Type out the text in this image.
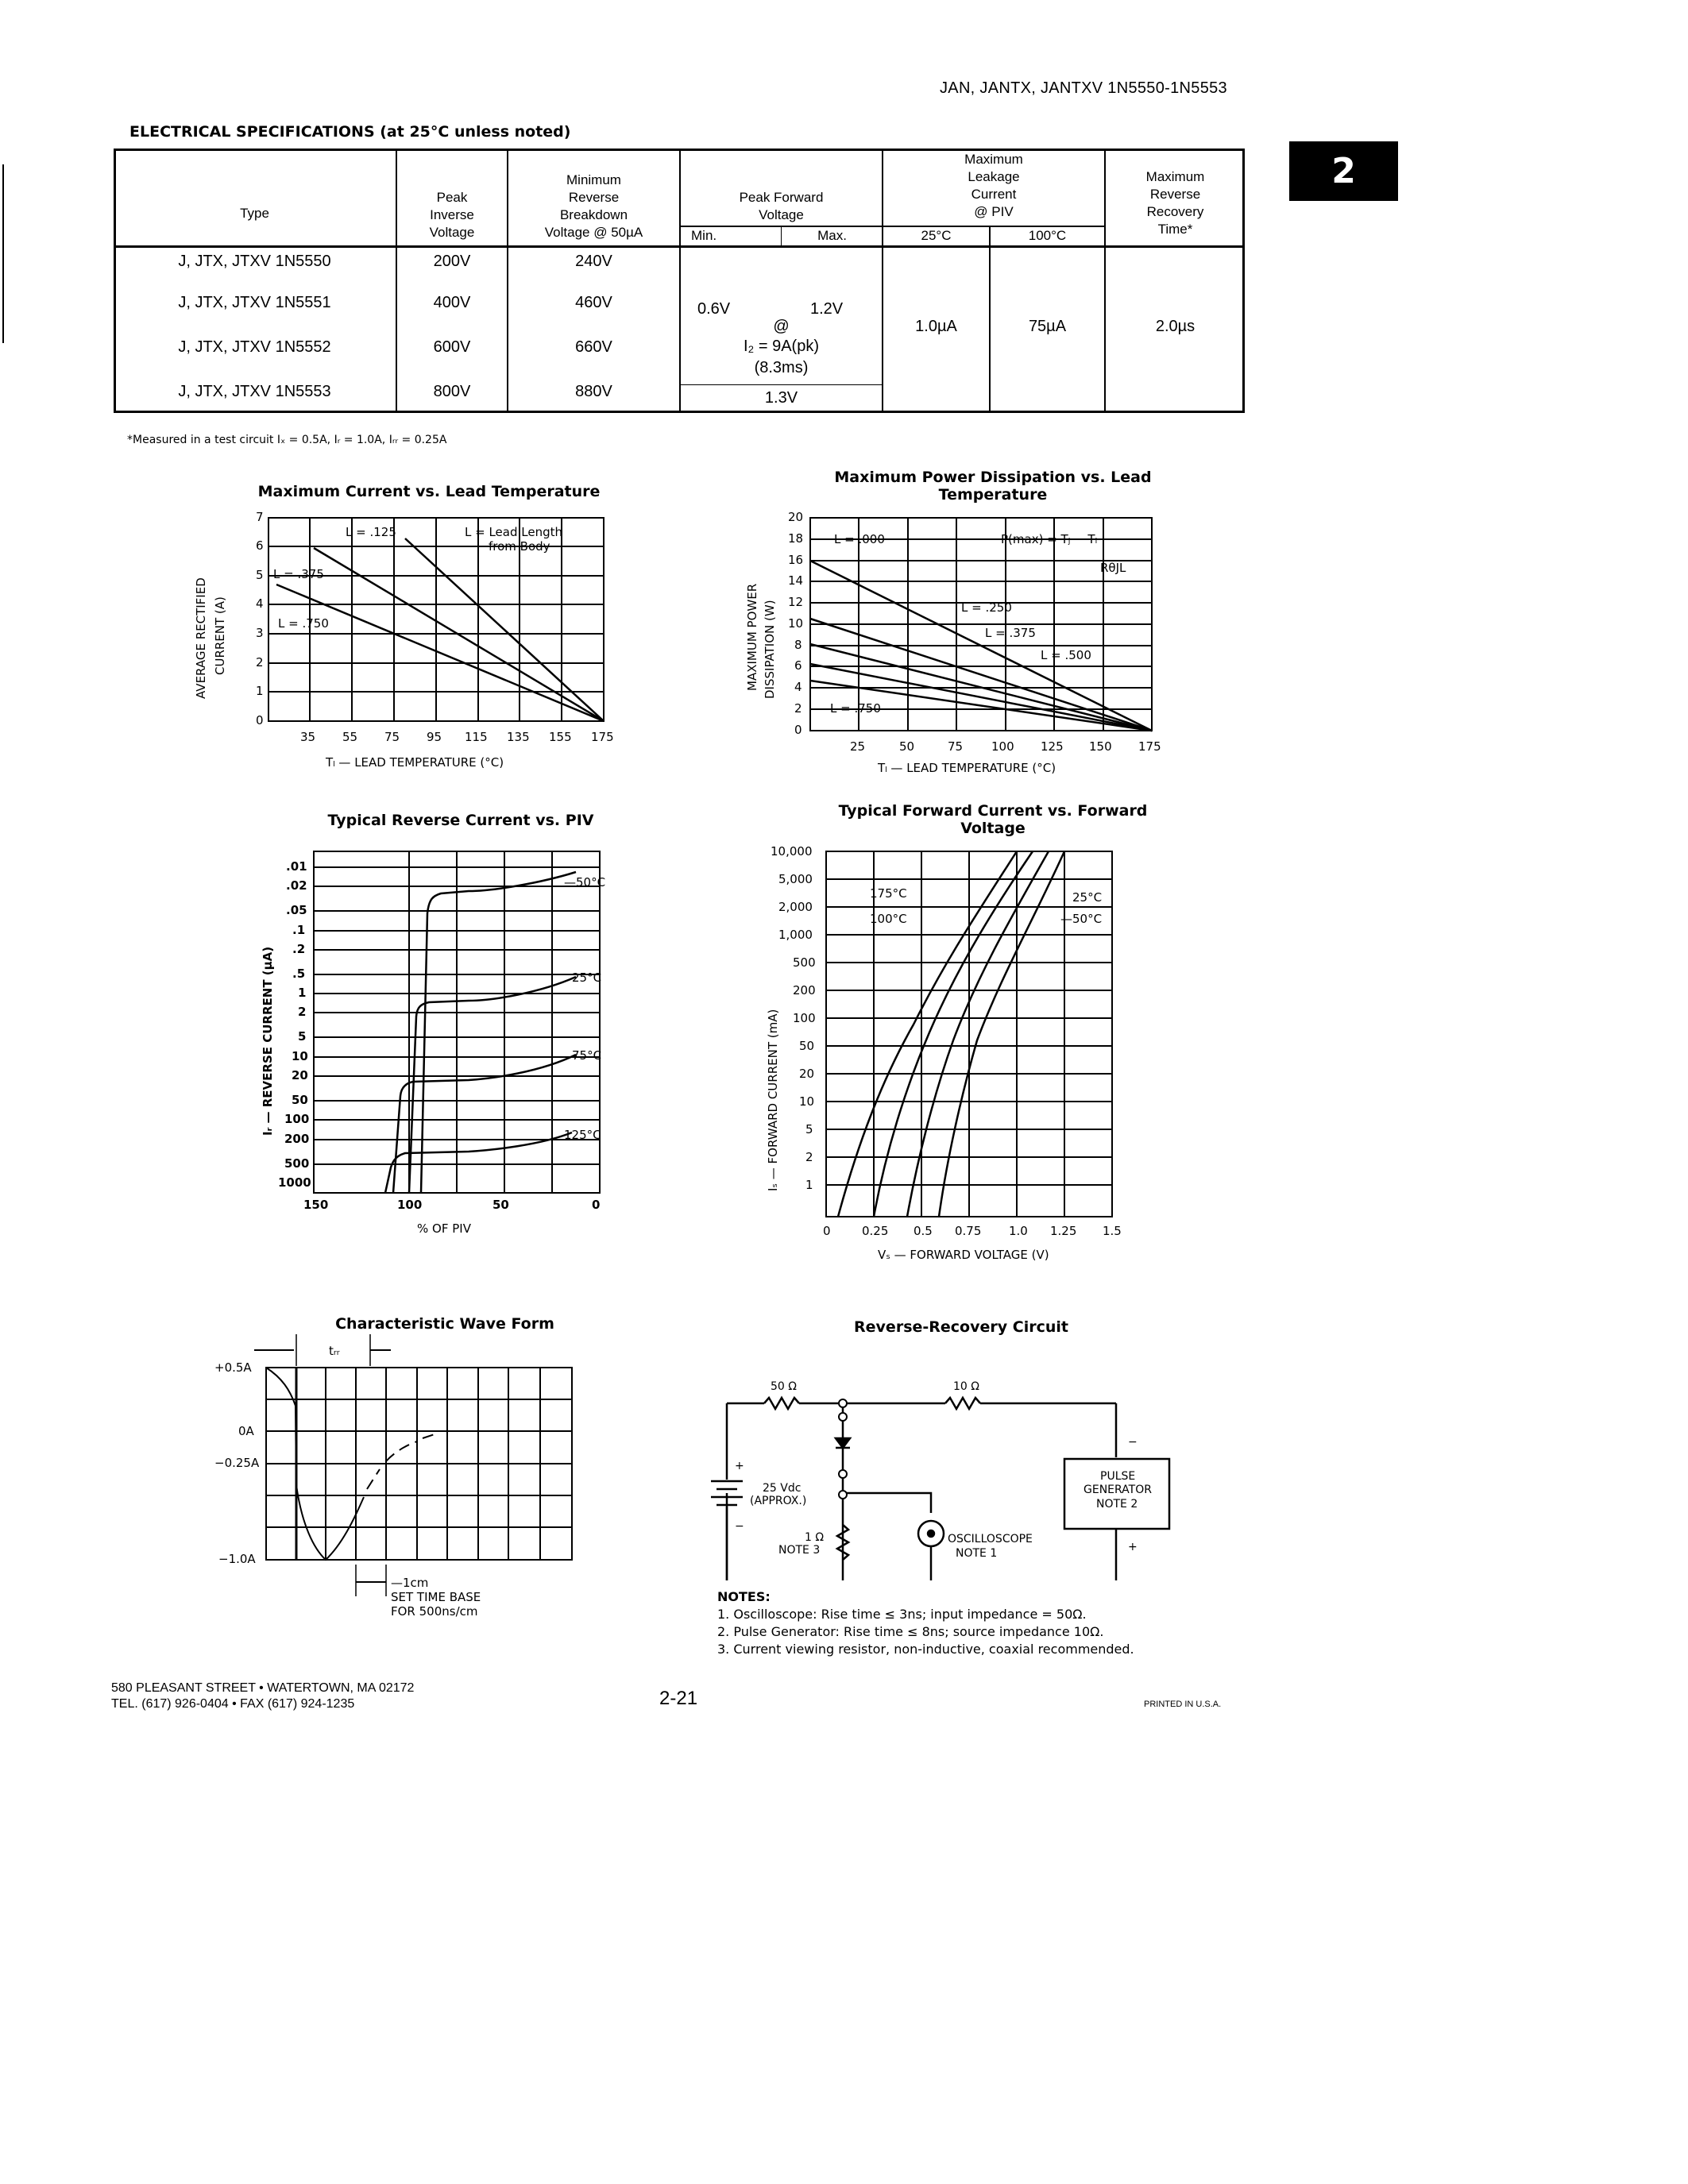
JAN, JANTX, JANTXV 1N5550-1N5553
2
ELECTRICAL SPECIFICATIONS (at 25°C unless noted)
Type
Peak
Inverse
Voltage
Minimum
Reverse
Breakdown
Voltage @ 50µA
Peak Forward
Voltage
Min.	Max.
Maximum
Leakage
Current
@ PIV
25°C	100°C
Maximum
Reverse
Recovery
Time*
J, JTX, JTXV 1N5550	200V	240V
J, JTX, JTXV 1N5551	400V	460V
J, JTX, JTXV 1N5552	600V	660V
J, JTX, JTXV 1N5553	800V	880V
0.6V	1.2V
@
I₂ = 9A(pk)
(8.3ms)
1.3V
1.0µA	75µA	2.0µs
*Measured in a test circuit Iₓ = 0.5A, Iᵣ = 1.0A, Iᵣᵣ = 0.25A
Maximum Current vs. Lead Temperature
L = .125	L = Lead Length
from Body
L = .375
L = .750
7
6
5
4
3
2
1
0
35 55 75 95 115 135 155 175
Tₗ — LEAD TEMPERATURE (°C)
AVERAGE RECTIFIED CURRENT (A)
Maximum Power Dissipation vs. Lead Temperature
L = .000	P(max) = Tⱼ − Tₗ
RθJL
L = .250
L = .375
L = .500
L = .750
20
18
16
14
12
10
8
6
4
2
0
25	50	75 100 125 150 175
Tₗ — LEAD TEMPERATURE (°C)
MAXIMUM POWER DISSIPATION (W)
Typical Reverse Current vs. PIV
.01
.02
.05
.1
.2
.5
1
2
5
10
20
50
100
200
500
1000
150	100	50	0
% OF PIV
—50°C
25°C
75°C
125°C
Iᵣ — REVERSE CURRENT (µA)
Typical Forward Current vs. Forward Voltage
10,000
5,000
2,000
1,000
500
200
100
50
20
10
5
2
1
0	0.25 0.5 0.75 1.0 1.25 1.5
Vₛ — FORWARD VOLTAGE (V)
175°C
100°C
25°C
—50°C
Iₛ — FORWARD CURRENT (mA)
Characteristic Wave Form
tᵣᵣ
+0.5A
0A
−0.25A
−1.0A
—1cm
SET TIME BASE
FOR 500ns/cm
Reverse-Recovery Circuit
50 Ω	10 Ω
+
−
25 Vdc
(APPROX.)
1 Ω
NOTE 3
OSCILLOSCOPE
NOTE 1
PULSE
GENERATOR
NOTE 2
−
+
NOTES:
1. Oscilloscope: Rise time ≤ 3ns; input impedance = 50Ω.
2. Pulse Generator: Rise time ≤ 8ns; source impedance 10Ω.
3. Current viewing resistor, non-inductive, coaxial recommended.
580 PLEASANT STREET • WATERTOWN, MA 02172
TEL. (617) 926-0404 • FAX (617) 924-1235	2-21	PRINTED IN U.S.A.
